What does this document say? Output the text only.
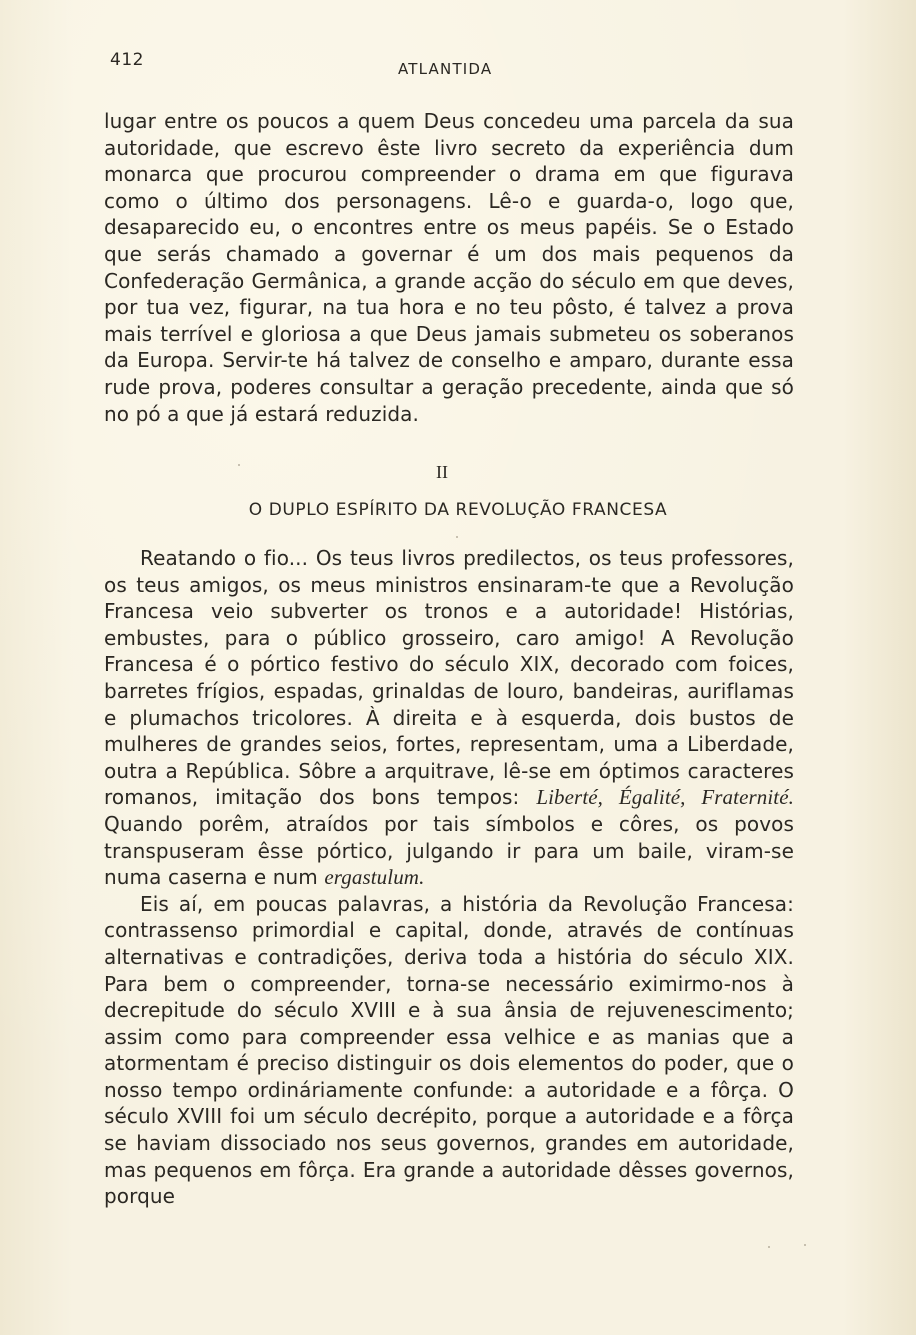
412	ATLANTIDA

lugar entre os poucos a quem Deus concedeu uma parcela da sua autoridade, que escrevo êste livro secreto da experiência dum monarca que procurou compreender o drama em que figurava como o último dos personagens. Lê-o e guarda-o, logo que, desaparecido eu, o encontres entre os meus papéis. Se o Estado que serás chamado a governar é um dos mais pequenos da Confederação Germânica, a grande acção do século em que deves, por tua vez, figurar, na tua hora e no teu pôsto, é talvez a prova mais terrível e gloriosa a que Deus jamais submeteu os soberanos da Europa. Servir-te há talvez de conselho e amparo, durante essa rude prova, poderes consultar a geração precedente, ainda que só no pó a que já estará reduzida.

II
O DUPLO ESPÍRITO DA REVOLUÇÃO FRANCESA

Reatando o fio... Os teus livros predilectos, os teus professores, os teus amigos, os meus ministros ensinaram-te que a Revolução Francesa veio subverter os tronos e a autoridade! Histórias, embustes, para o público grosseiro, caro amigo! A Revolução Francesa é o pórtico festivo do século XIX, decorado com foices, barretes frígios, espadas, grinaldas de louro, bandeiras, auriflamas e plumachos tricolores. À direita e à esquerda, dois bustos de mulheres de grandes seios, fortes, representam, uma a Liberdade, outra a República. Sôbre a arquitrave, lê-se em óptimos caracteres romanos, imitação dos bons tempos: Liberté, Égalité, Fraternité. Quando porêm, atraídos por tais símbolos e côres, os povos transpuseram êsse pórtico, julgando ir para um baile, viram-se numa caserna e num ergastulum.

Eis aí, em poucas palavras, a história da Revolução Francesa: contrassenso primordial e capital, donde, através de contínuas alternativas e contradições, deriva toda a história do século XIX. Para bem o compreender, torna-se necessário eximirmo-nos à decrepitude do século XVIII e à sua ânsia de rejuvenescimento; assim como para compreender essa velhice e as manias que a atormentam é preciso distinguir os dois elementos do poder, que o nosso tempo ordináriamente confunde: a autoridade e a fôrça. O século XVIII foi um século decrépito, porque a autoridade e a fôrça se haviam dissociado nos seus governos, grandes em autoridade, mas pequenos em fôrça. Era grande a autoridade dêsses governos, porque
